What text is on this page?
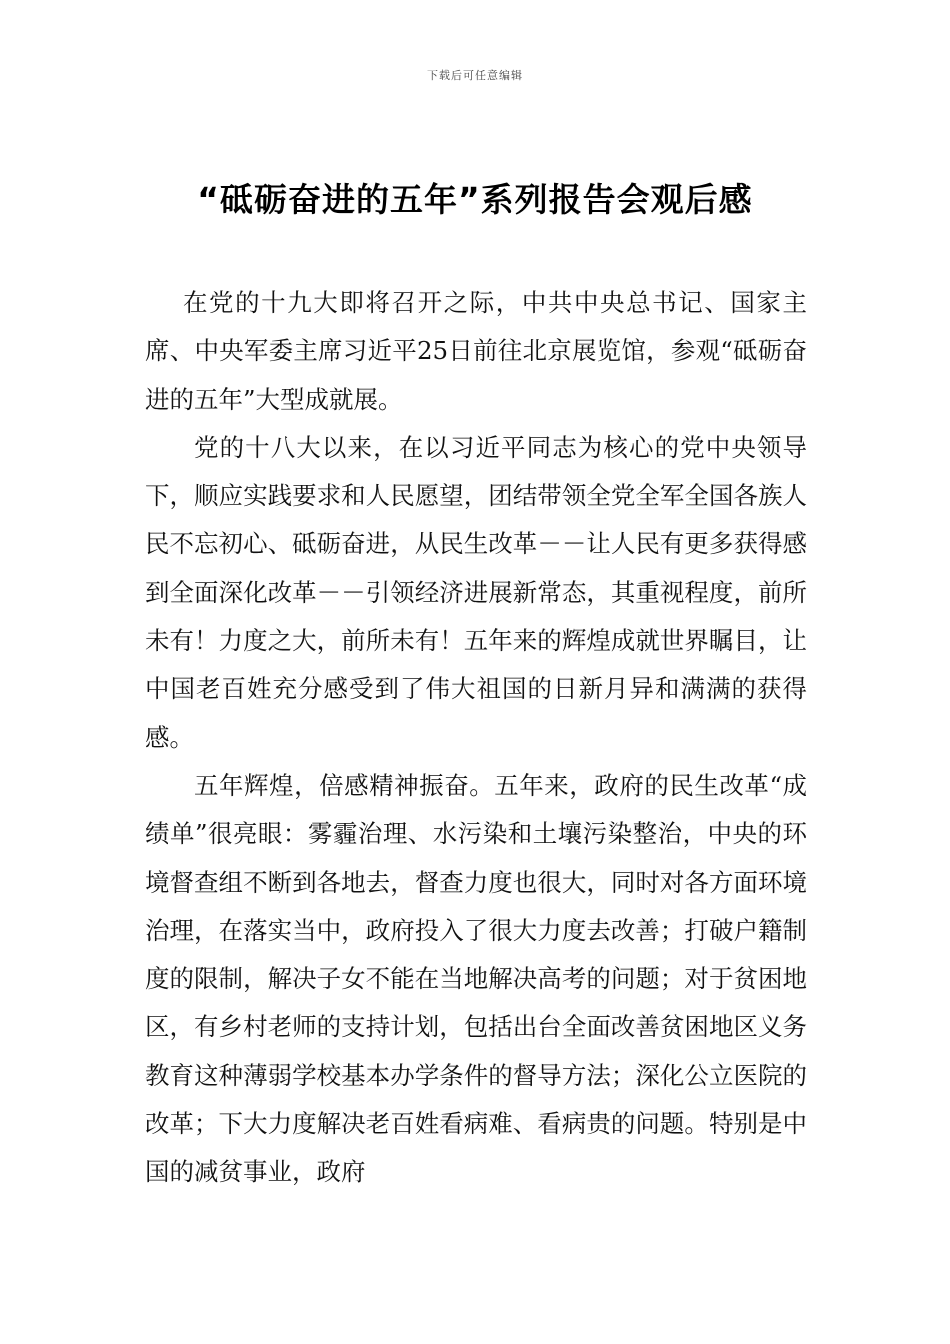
下载后可任意编辑
“砥砺奋进的五年”系列报告会观后感

在党的十九大即将召开之际，中共中央总书记、国家主席、中央军委主席习近平25日前往北京展览馆，参观“砥砺奋进的五年”大型成就展。

党的十八大以来，在以习近平同志为核心的党中央领导下，顺应实践要求和人民愿望，团结带领全党全军全国各族人民不忘初心、砥砺奋进，从民生改革－－让人民有更多获得感到全面深化改革－－引领经济进展新常态，其重视程度，前所未有！力度之大，前所未有！五年来的辉煌成就世界瞩目，让中国老百姓充分感受到了伟大祖国的日新月异和满满的获得感。

五年辉煌，倍感精神振奋。五年来，政府的民生改革“成绩单”很亮眼：雾霾治理、水污染和土壤污染整治，中央的环境督查组不断到各地去，督查力度也很大，同时对各方面环境治理，在落实当中，政府投入了很大力度去改善；打破户籍制度的限制，解决子女不能在当地解决高考的问题；对于贫困地区，有乡村老师的支持计划，包括出台全面改善贫困地区义务教育这种薄弱学校基本办学条件的督导方法；深化公立医院的改革；下大力度解决老百姓看病难、看病贵的问题。特别是中国的减贫事业，政府
